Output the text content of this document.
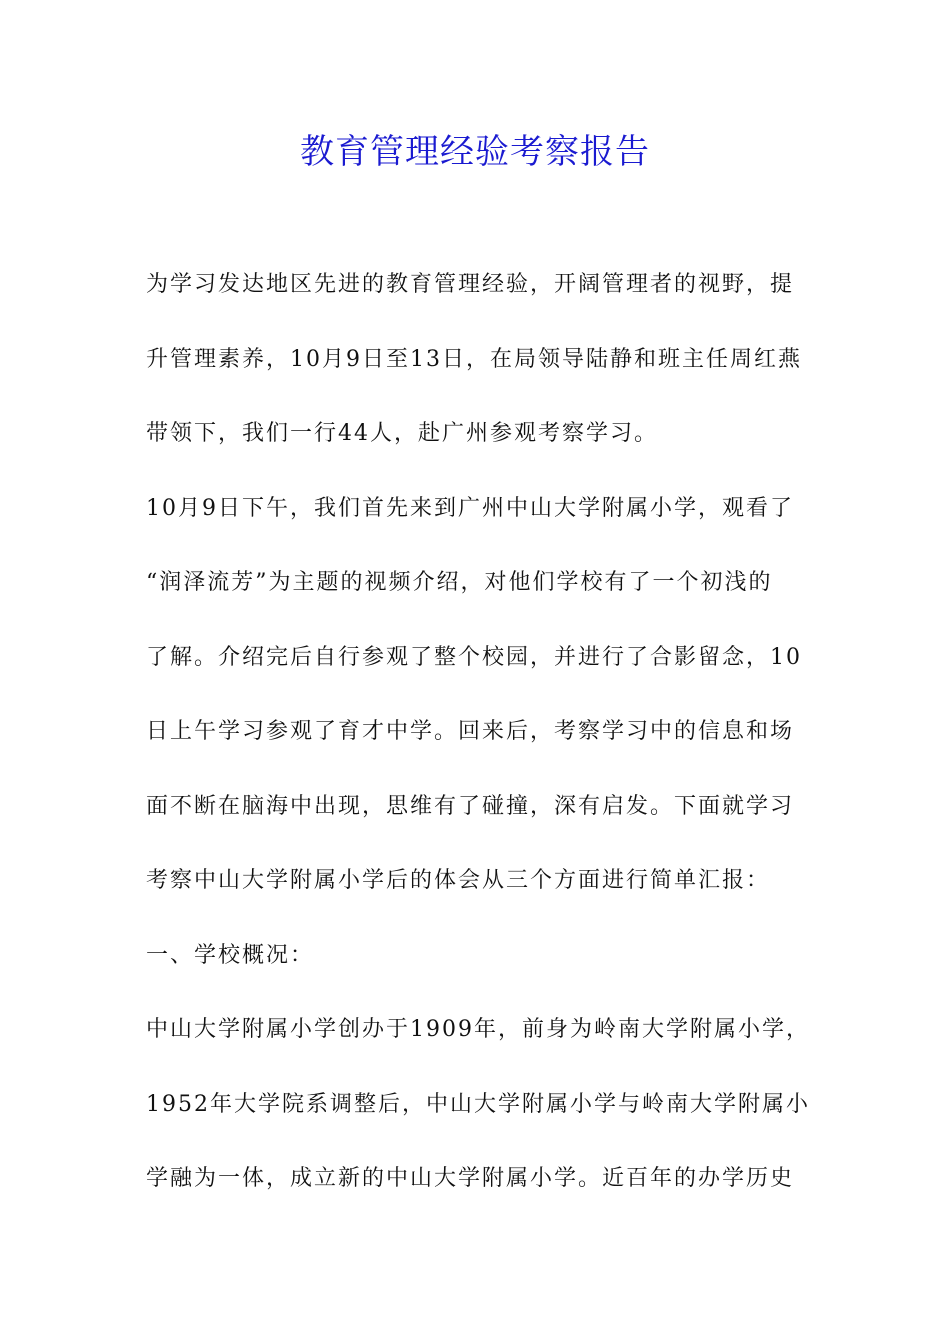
教育管理经验考察报告
为学习发达地区先进的教育管理经验，开阔管理者的视野，提
升管理素养，10月9日至13日，在局领导陆静和班主任周红燕
带领下，我们一行44人，赴广州参观考察学习。
10月9日下午，我们首先来到广州中山大学附属小学，观看了
“润泽流芳”为主题的视频介绍，对他们学校有了一个初浅的
了解。介绍完后自行参观了整个校园，并进行了合影留念，10
日上午学习参观了育才中学。回来后，考察学习中的信息和场
面不断在脑海中出现，思维有了碰撞，深有启发。下面就学习
考察中山大学附属小学后的体会从三个方面进行简单汇报：
一、学校概况：
中山大学附属小学创办于1909年，前身为岭南大学附属小学，
1952年大学院系调整后，中山大学附属小学与岭南大学附属小
学融为一体，成立新的中山大学附属小学。近百年的办学历史
